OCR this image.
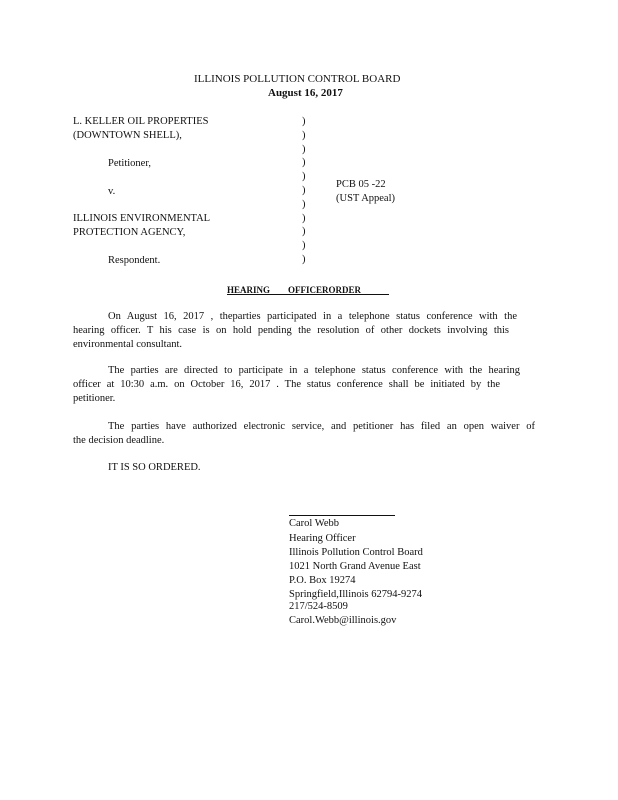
ILLINOIS POLLUTION CONTROL BOARD
August 16, 2017
L. KELLER OIL PROPERTIES
(DOWNTOWN SHELL),
Petitioner,
v.
ILLINOIS ENVIRONMENTAL
PROTECTION AGENCY,
Respondent.
)
)
)
)
)
)
)
)
)
)
)
PCB 05 -22
(UST Appeal)
HEARING OFFICERORDER
On August 16, 2017 , theparties participated in a telephone status conference with the
hearing officer. T his case is on hold pending the resolution of other dockets involving this
environmental consultant.
The parties are directed to participate in a telephone status conference with the hearing
officer at 10:30 a.m. on October 16, 2017 . The status conference shall be initiated by the
petitioner.
The parties have authorized electronic service, and petitioner has filed an open waiver of
the decision deadline.
IT IS SO ORDERED.
Carol Webb
Hearing Officer
Illinois Pollution Control Board
1021 North Grand Avenue East
P.O. Box 19274
Springfield,Illinois 62794-9274
217/524-8509
Carol.Webb@illinois.gov
